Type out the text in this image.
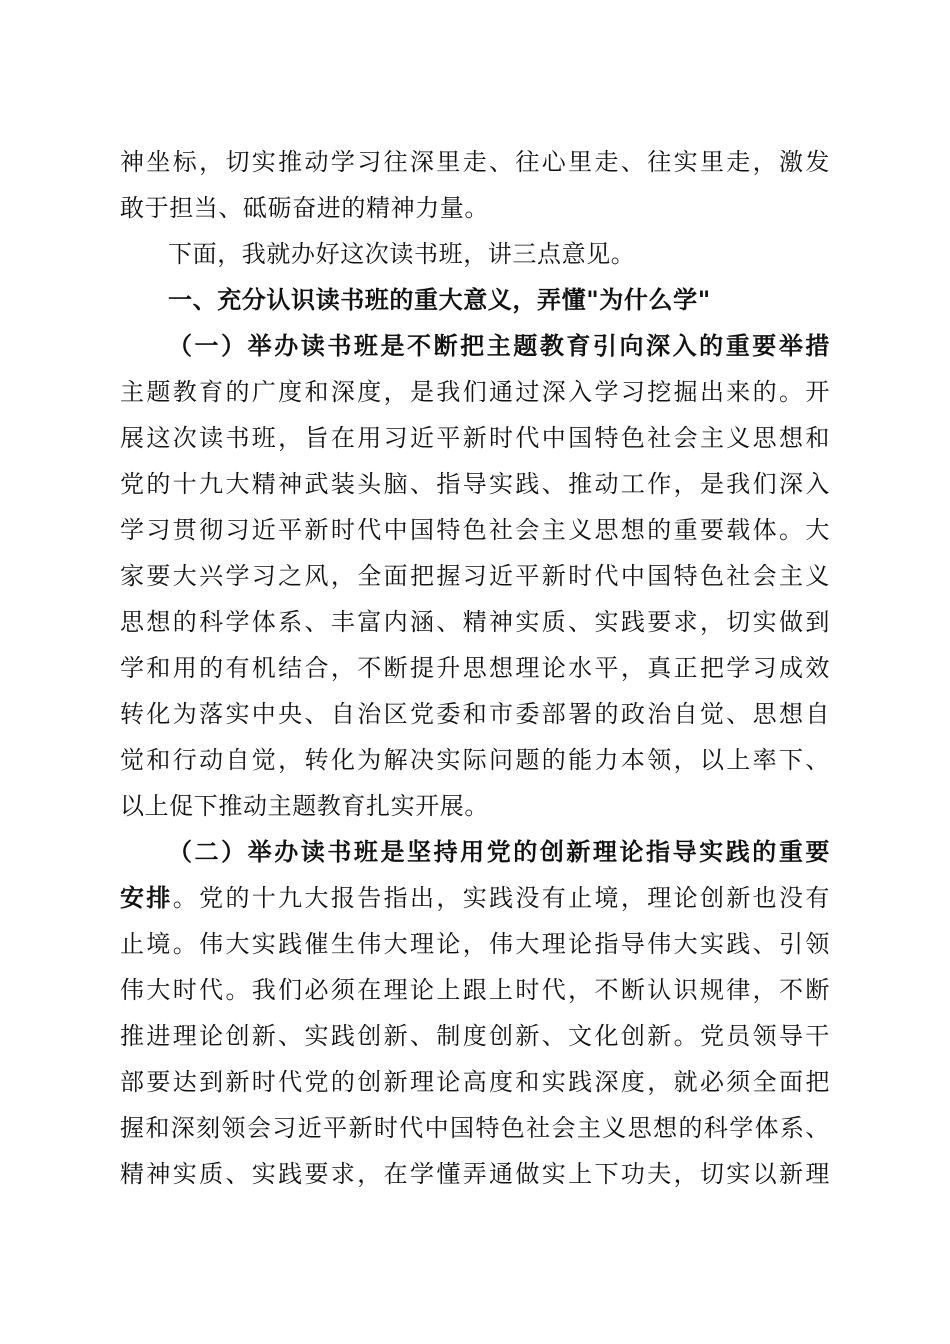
神坐标，切实推动学习往深里走、往心里走、往实里走，激发
敢于担当、砥砺奋进的精神力量。
下面，我就办好这次读书班，讲三点意见。
一、充分认识读书班的重大意义，弄懂"为什么学"
（一）举办读书班是不断把主题教育引向深入的重要举措
主题教育的广度和深度，是我们通过深入学习挖掘出来的。开
展这次读书班，旨在用习近平新时代中国特色社会主义思想和
党的十九大精神武装头脑、指导实践、推动工作，是我们深入
学习贯彻习近平新时代中国特色社会主义思想的重要载体。大
家要大兴学习之风，全面把握习近平新时代中国特色社会主义
思想的科学体系、丰富内涵、精神实质、实践要求，切实做到
学和用的有机结合，不断提升思想理论水平，真正把学习成效
转化为落实中央、自治区党委和市委部署的政治自觉、思想自
觉和行动自觉，转化为解决实际问题的能力本领，以上率下、
以上促下推动主题教育扎实开展。
（二）举办读书班是坚持用党的创新理论指导实践的重要
安排。党的十九大报告指出，实践没有止境，理论创新也没有
止境。伟大实践催生伟大理论，伟大理论指导伟大实践、引领
伟大时代。我们必须在理论上跟上时代，不断认识规律，不断
推进理论创新、实践创新、制度创新、文化创新。党员领导干
部要达到新时代党的创新理论高度和实践深度，就必须全面把
握和深刻领会习近平新时代中国特色社会主义思想的科学体系、
精神实质、实践要求，在学懂弄通做实上下功夫，切实以新理
